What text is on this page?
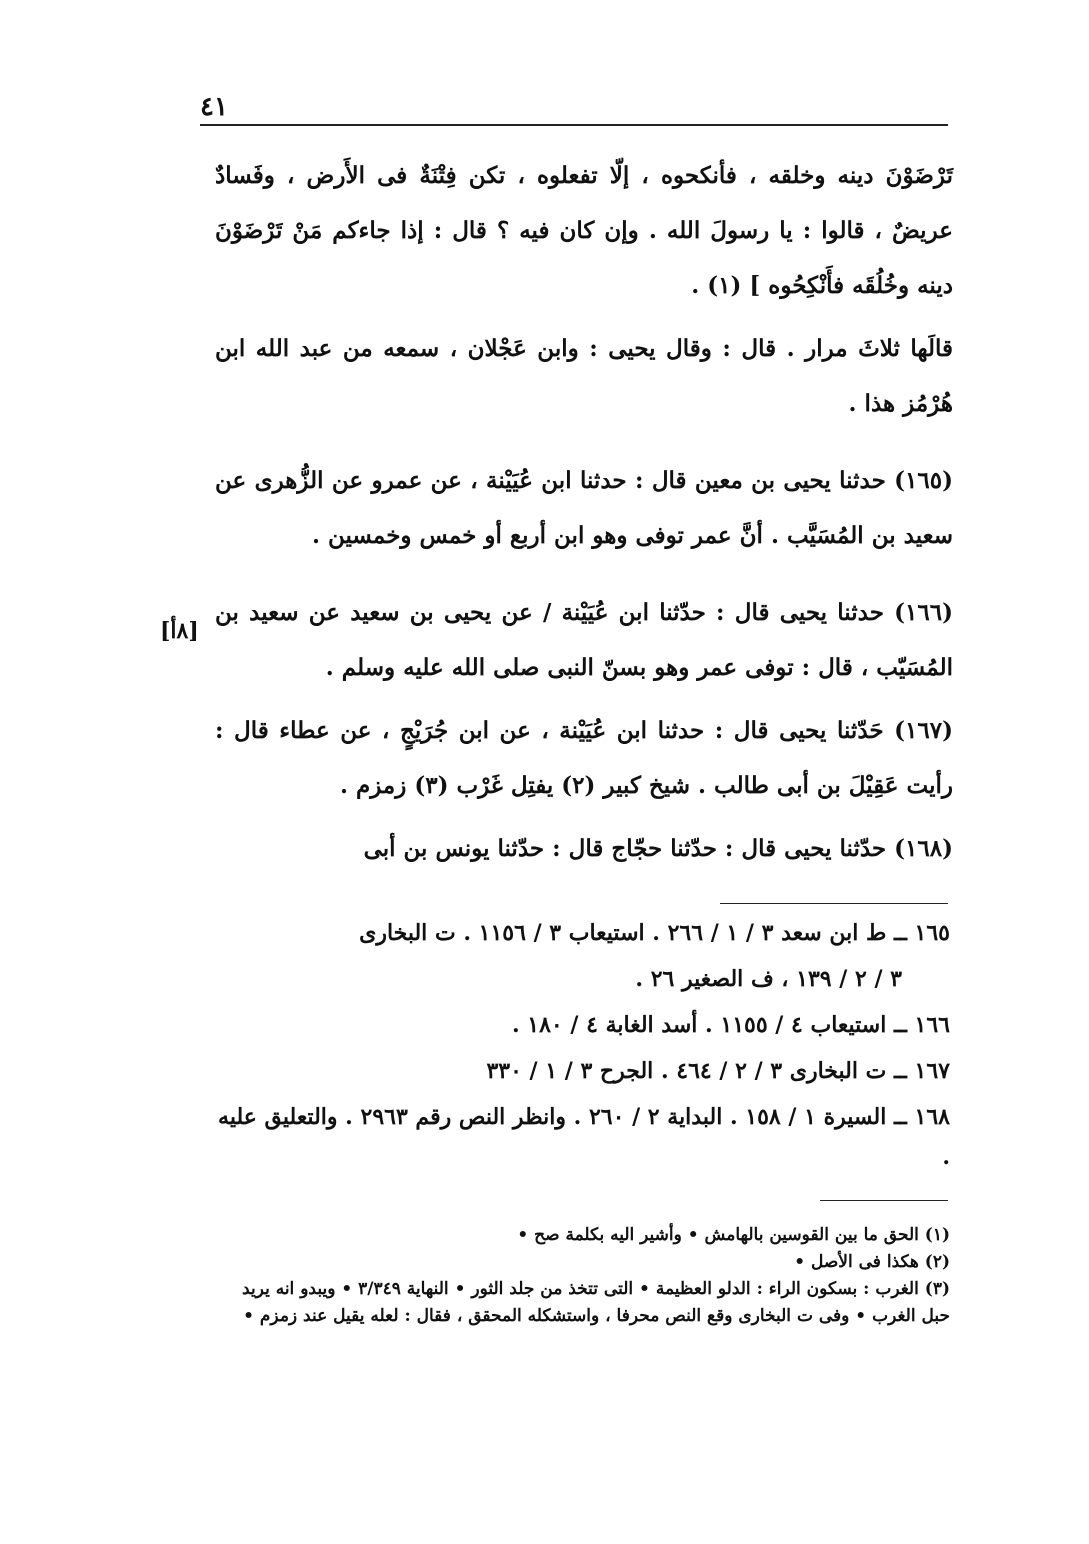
٤١
[٨أ]

تَرْضَوْنَ دينه وخلقه ، فأنكحوه ، إلّا تفعلوه ، تكن فِتْنَةٌ فى الأَرض ، وفَسادٌ عريضٌ ، قالوا : يا رسولَ الله . وإن كان فيه ؟ قال : إذا جاءكم مَنْ تَرْضَوْنَ دينه وخُلُقَه فأَنْكِحُوه ] (١) .

قالَها ثلاثَ مرار . قال : وقال يحيى : وابن عَجْلان ، سمعه من عبد الله ابن هُرْمُز هذا .

(١٦٥) حدثنا يحيى بن معين قال : حدثنا ابن عُيَيْنة ، عن عمرو عن الزُّهرى عن سعيد بن المُسَيَّب . أنَّ عمر توفى وهو ابن أربع أو خمس وخمسين .

(١٦٦) حدثنا يحيى قال : حدّثنا ابن عُيَيْنة / عن يحيى بن سعيد عن سعيد بن المُسَيّب ، قال : توفى عمر وهو بسنّ النبى صلى الله عليه وسلم .

(١٦٧) حَدّثنا يحيى قال : حدثنا ابن عُيَيْنة ، عن ابن جُرَيْجٍ ، عن عطاء قال : رأيت عَقِيْلَ بن أبى طالب . شيخ كبير (٢) يفتِل غَرْب (٣) زمزم .

(١٦٨) حدّثنا يحيى قال : حدّثنا حجّاج قال : حدّثنا يونس بن أبى

١٦٥ ــ ط ابن سعد ٣ / ١ / ٢٦٦ . استيعاب ٣ / ١١٥٦ . ت البخارى

٣ / ٢ / ١٣٩ ، ف الصغير ٢٦ .

١٦٦ ــ استيعاب ٤ / ١١٥٥ . أسد الغابة ٤ / ١٨٠ .

١٦٧ ــ ت البخارى ٣ / ٢ / ٤٦٤ . الجرح ٣ / ١ / ٣٣٠

١٦٨ ــ السيرة ١ / ١٥٨ . البداية ٢ / ٢٦٠ . وانظر النص رقم ٢٩٦٣ . والتعليق عليه .

(١) الحق ما بين القوسين بالهامش • وأشير اليه بكلمة صح •

(٢) هكذا فى الأصل •

(٣) الغرب : بسكون الراء : الدلو العظيمة • التى تتخذ من جلد الثور • النهاية ٣/٣٤٩ • ويبدو انه يريد حبل الغرب • وفى ت البخارى وقع النص محرفا ، واستشكله المحقق ، فقال : لعله يقيل عند زمزم •
